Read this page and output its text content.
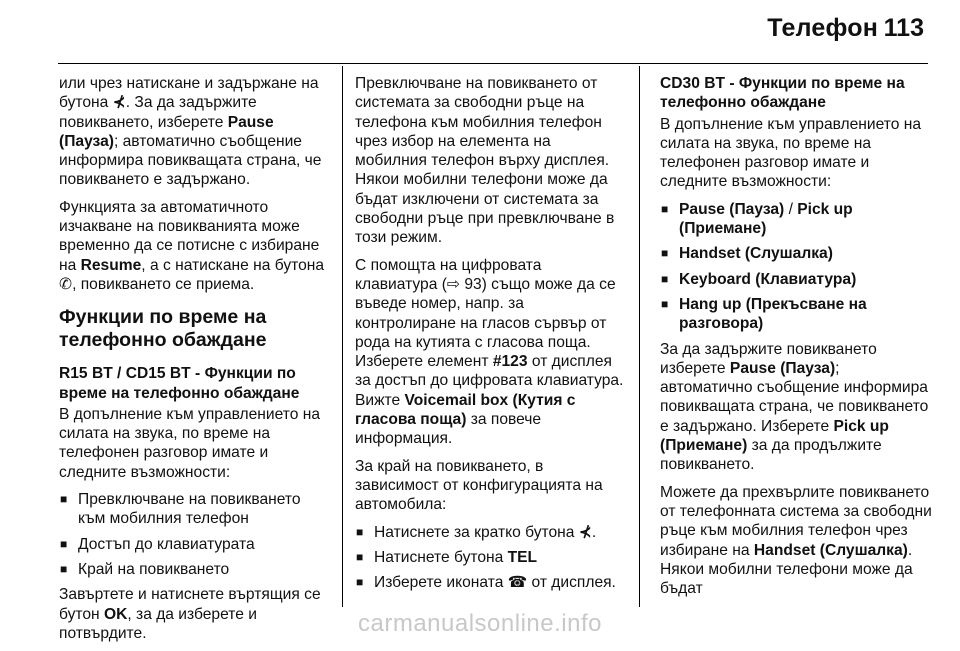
Телефон 113

или чрез натискане и задържане на бутона ⊀. За да задържите повикването, изберете Pause (Пауза); автоматично съобщение информира повикващата страна, че повикването е задържано.

Функцията за автоматичното изчакване на повикванията може временно да се потисне с избиране на Resume, а с натискане на бутона ✆, повикването се приема.

Функции по време на телефонно обаждане

R15 BT / CD15 BT - Функции по време на телефонно обаждане

В допълнение към управлението на силата на звука, по време на телефонен разговор имате и следните възможности:

■ Превключване на повикването към мобилния телефон
■ Достъп до клавиатурата
■ Край на повикването

Завъртете и натиснете въртящия се бутон OK, за да изберете и потвърдите.

Превключване на повикването от системата за свободни ръце на телефона към мобилния телефон чрез избор на елемента на мобилния телефон върху дисплея. Някои мобилни телефони може да бъдат изключени от системата за свободни ръце при превключване в този режим.

С помощта на цифровата клавиатура (⇨ 93) също може да се въведе номер, напр. за контролиране на гласов сървър от рода на кутията с гласова поща. Изберете елемент #123 от дисплея за достъп до цифровата клавиатура. Вижте Voicemail box (Кутия с гласова поща) за повече информация.

За край на повикването, в зависимост от конфигурацията на автомобила:

■ Натиснете за кратко бутона ⊀.
■ Натиснете бутона TEL
■ Изберете иконата ☎ от дисплея.

CD30 BT - Функции по време на телефонно обаждане

В допълнение към управлението на силата на звука, по време на телефонен разговор имате и следните възможности:

■ Pause (Пауза) / Pick up (Приемане)
■ Handset (Слушалка)
■ Keyboard (Клавиатура)
■ Hang up (Прекъсване на разговора)

За да задържите повикването изберете Pause (Пауза); автоматично съобщение информира повикващата страна, че повикването е задържано. Изберете Pick up (Приемане) за да продължите повикването.

Можете да прехвърлите повикването от телефонната система за свободни ръце към мобилния телефон чрез избиране на Handset (Слушалка). Някои мобилни телефони може да бъдат

carmanualsonline.info
